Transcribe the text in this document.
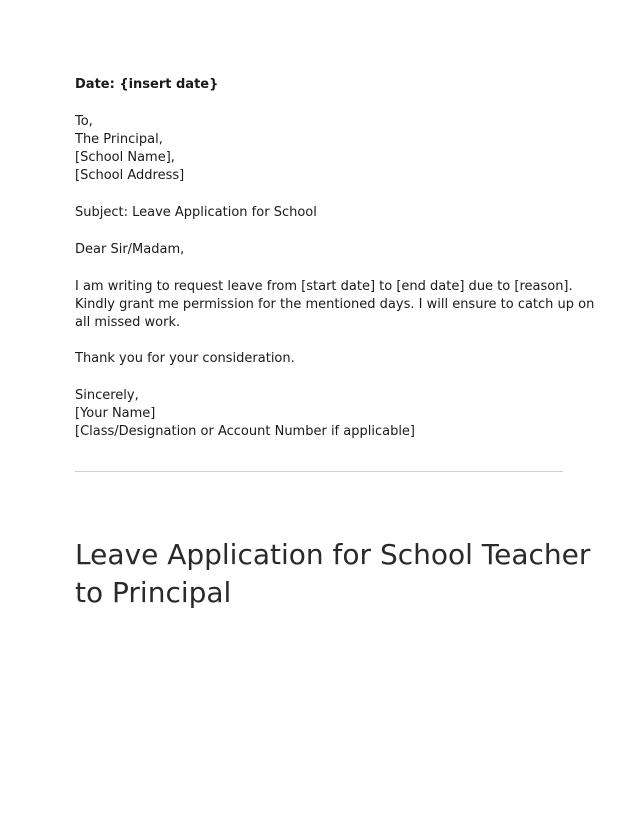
Date: {insert date}

To,
The Principal,
[School Name],
[School Address]

Subject: Leave Application for School

Dear Sir/Madam,

I am writing to request leave from [start date] to [end date] due to [reason].
Kindly grant me permission for the mentioned days. I will ensure to catch up on
all missed work.

Thank you for your consideration.

Sincerely,
[Your Name]
[Class/Designation or Account Number if applicable]

Leave Application for School Teacher
to Principal
